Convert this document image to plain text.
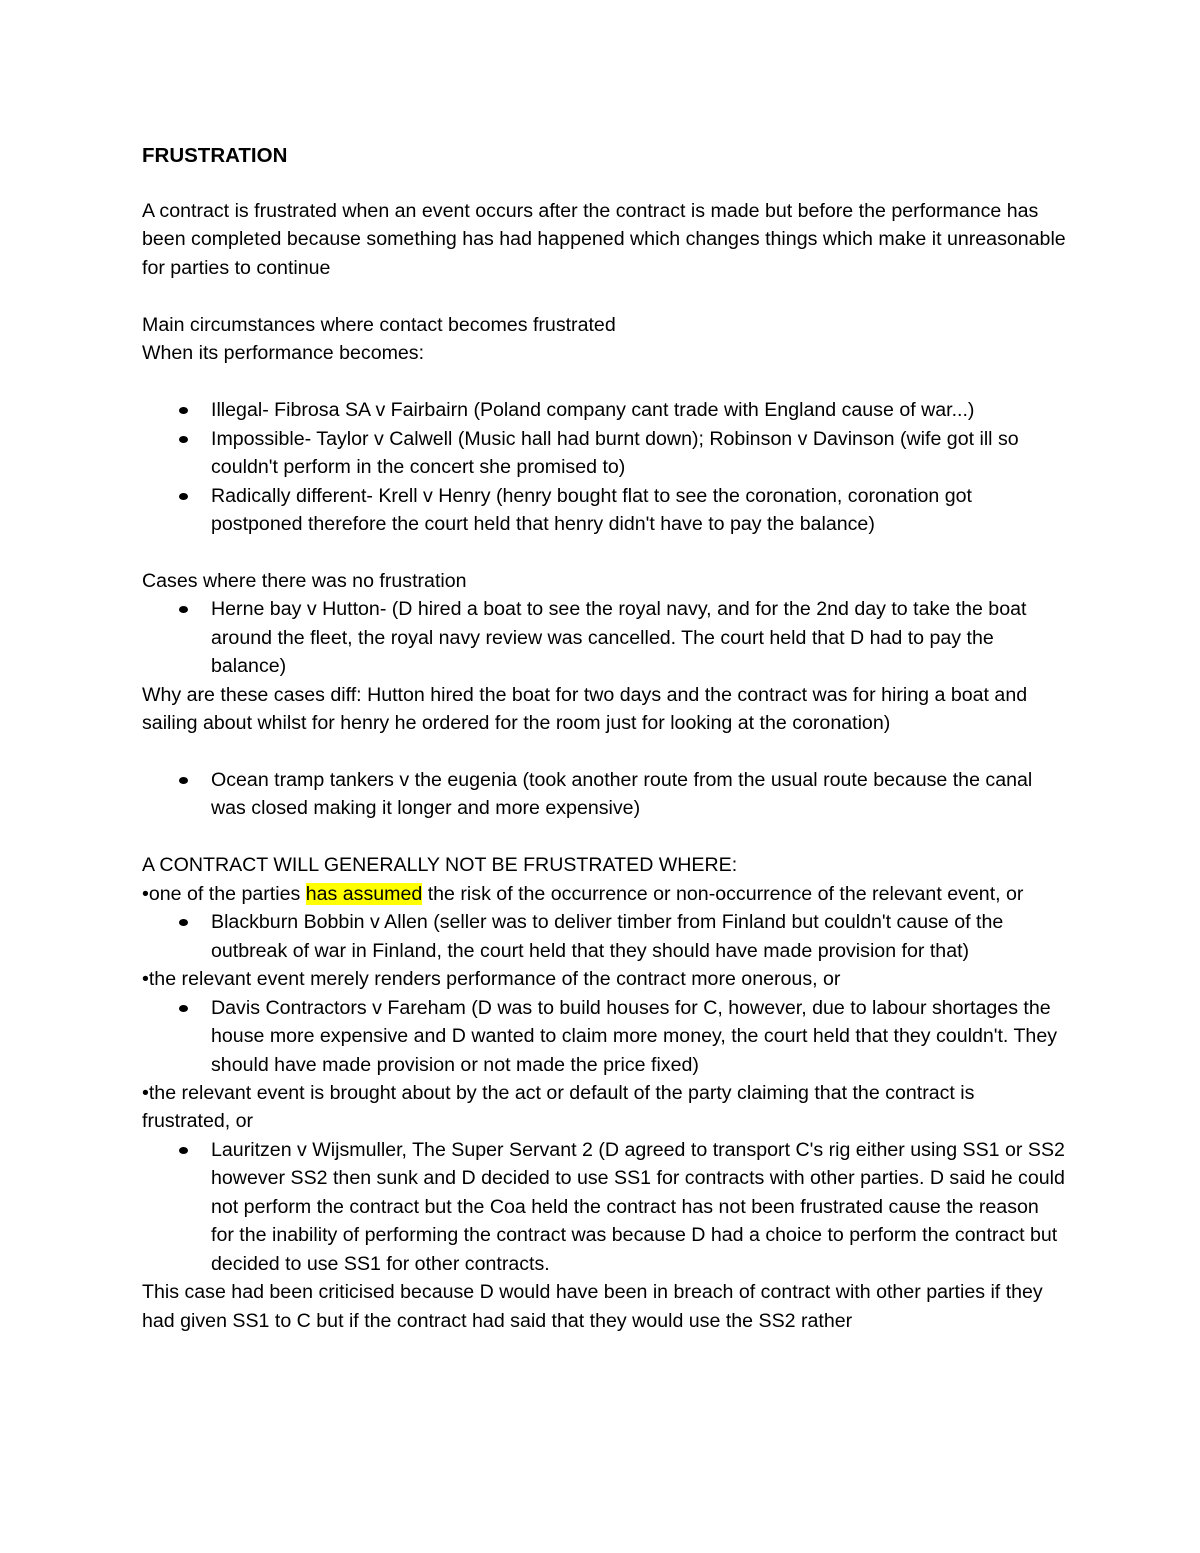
FRUSTRATION

A contract is frustrated when an event occurs after the contract is made but before the performance has been completed because something has had happened which changes things which make it unreasonable for parties to continue

Main circumstances where contact becomes frustrated

When its performance becomes:

Illegal- Fibrosa SA v Fairbairn (Poland company cant trade with England cause of war...)
Impossible- Taylor v Calwell (Music hall had burnt down); Robinson v Davinson (wife got ill so couldn't perform in the concert she promised to)
Radically different- Krell v Henry (henry bought flat to see the coronation, coronation got postponed therefore the court held that henry didn't have to pay the balance)

Cases where there was no frustration

Herne bay v Hutton- (D hired a boat to see the royal navy, and for the 2nd day to take the boat around the fleet, the royal navy review was cancelled. The court held that D had to pay the balance)

Why are these cases diff: Hutton hired the boat for two days and the contract was for hiring a boat and sailing about whilst for henry he ordered for the room just for looking at the coronation)

Ocean tramp tankers v the eugenia (took another route from the usual route because the canal was closed making it longer and more expensive)

A CONTRACT WILL GENERALLY NOT BE FRUSTRATED WHERE:

•one of the parties has assumed the risk of the occurrence or non-occurrence of the relevant event, or

Blackburn Bobbin v Allen (seller was to deliver timber from Finland but couldn't cause of the outbreak of war in Finland, the court held that they should have made provision for that)

•the relevant event merely renders performance of the contract more onerous, or

Davis Contractors v Fareham (D was to build houses for C, however, due to labour shortages the house more expensive and D wanted to claim more money, the court held that they couldn't. They should have made provision or not made the price fixed)

•the relevant event is brought about by the act or default of the party claiming that the contract is frustrated, or

Lauritzen v Wijsmuller, The Super Servant 2 (D agreed to transport C's rig either using SS1 or SS2 however SS2 then sunk and D decided to use SS1 for contracts with other parties. D said he could not perform the contract but the Coa held the contract has not been frustrated cause the reason for the inability of performing the contract was because D had a choice to perform the contract but decided to use SS1 for other contracts.

This case had been criticised because D would have been in breach of contract with other parties if they had given SS1 to C but if the contract had said that they would use the SS2 rather
